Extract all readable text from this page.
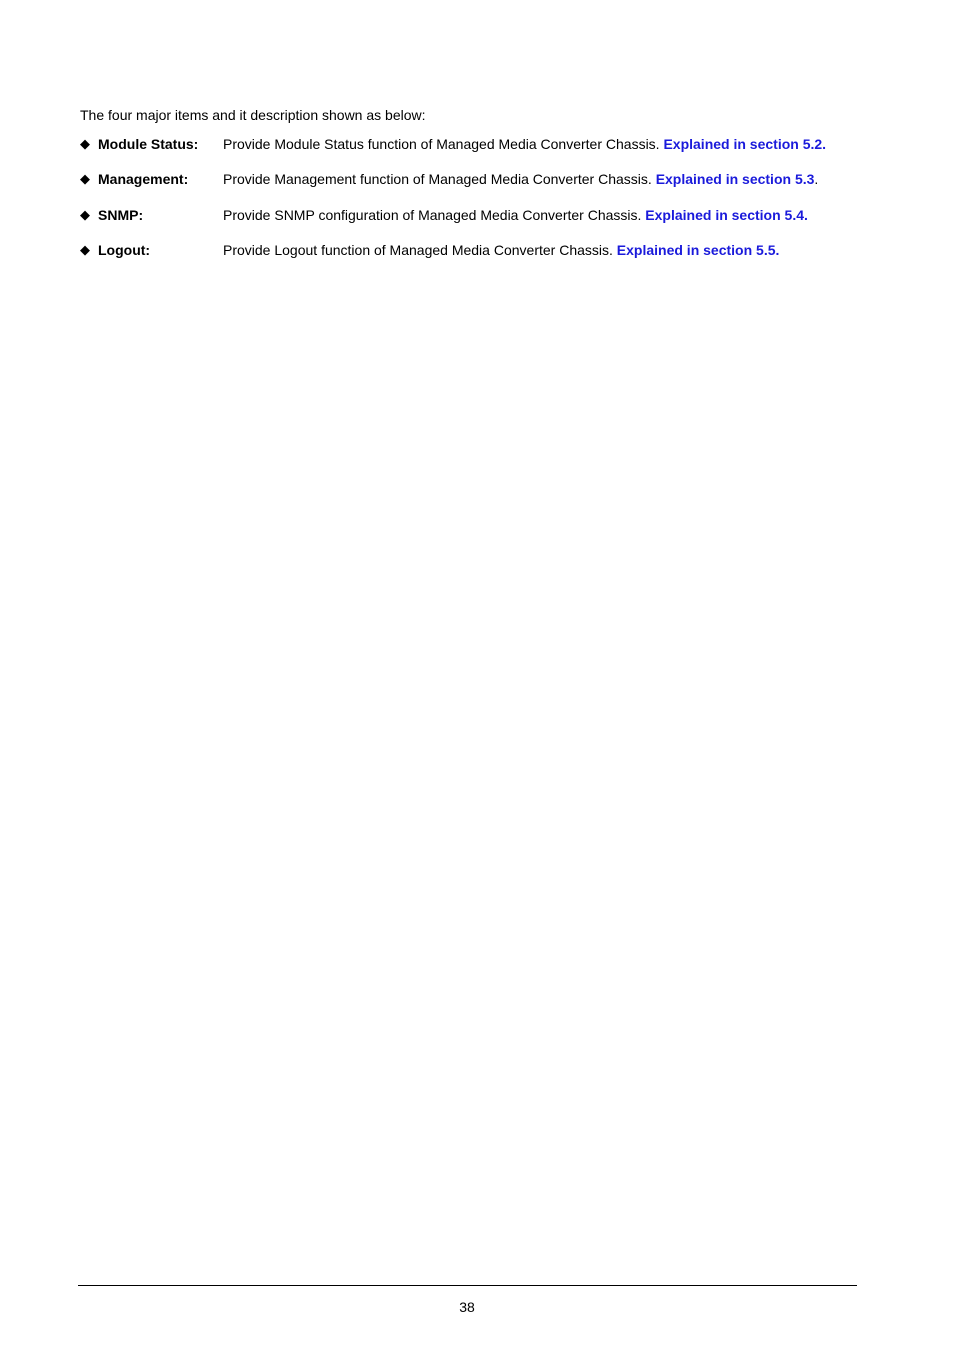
The four major items and it description shown as below:

◆ Module Status: Provide Module Status function of Managed Media Converter Chassis. Explained in section 5.2.
◆ Management: Provide Management function of Managed Media Converter Chassis. Explained in section 5.3.
◆ SNMP:	Provide SNMP configuration of Managed Media Converter Chassis. Explained in section 5.4.
◆ Logout:	Provide Logout function of Managed Media Converter Chassis. Explained in section 5.5.
38
